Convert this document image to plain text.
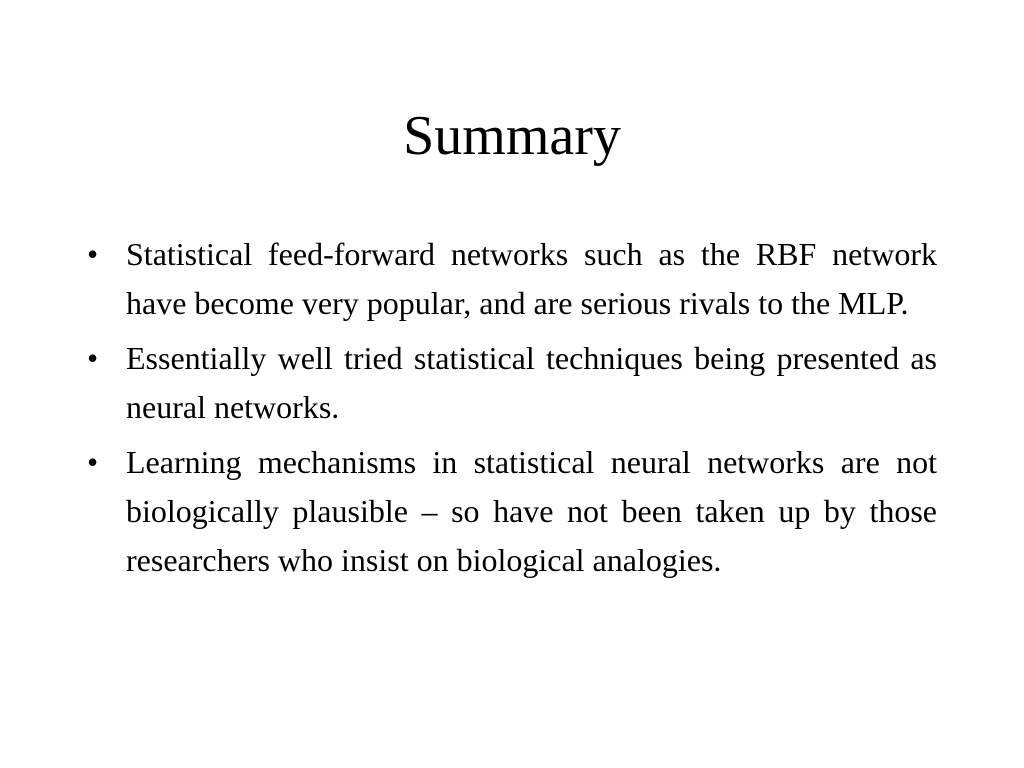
Summary
• Statistical feed-forward networks such as the RBF network have become very popular, and are serious rivals to the MLP.
• Essentially well tried statistical techniques being presented as neural networks.
• Learning mechanisms in statistical neural networks are not biologically plausible – so have not been taken up by those researchers who insist on biological analogies.
